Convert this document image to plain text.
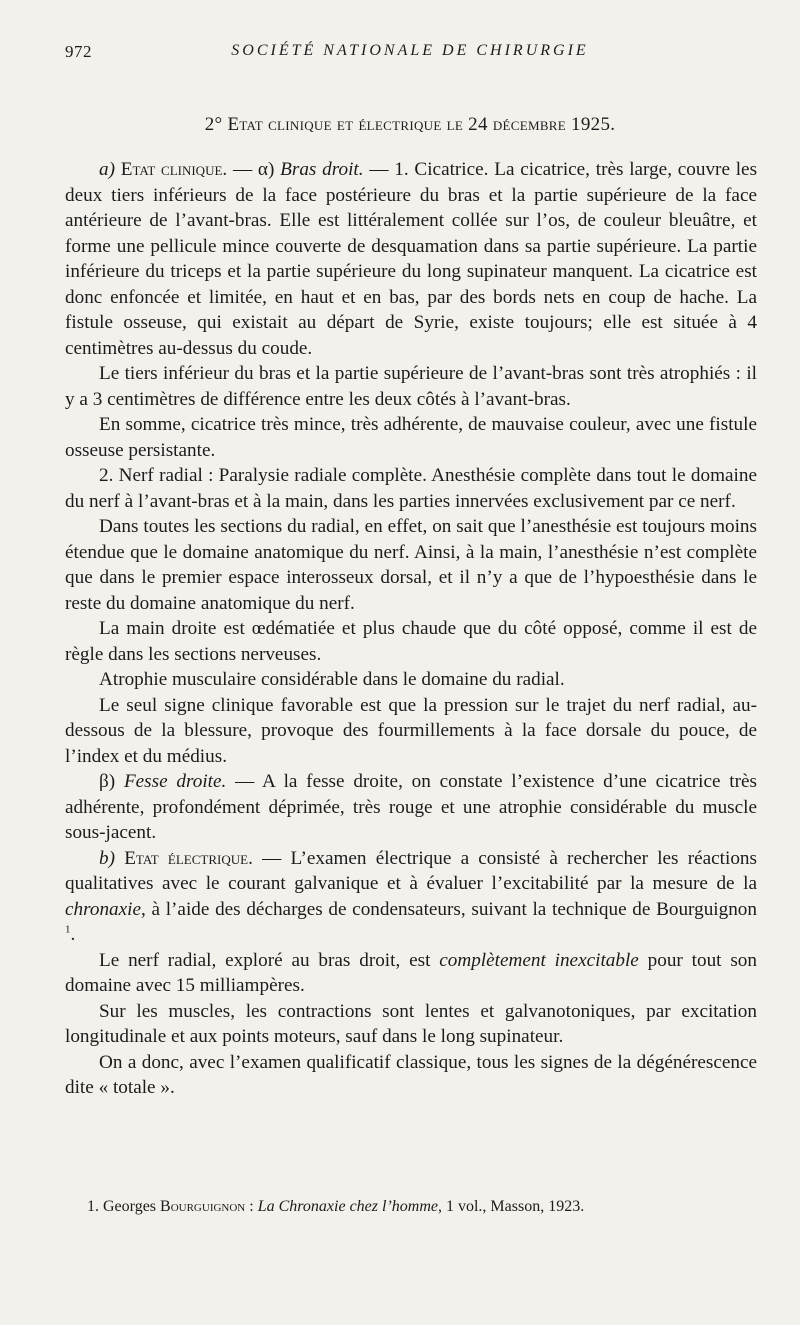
972	SOCIÉTÉ NATIONALE DE CHIRURGIE
2° Etat clinique et électrique le 24 décembre 1925.

a) Etat clinique. — α) Bras droit. — 1. Cicatrice. La cicatrice, très large, couvre les deux tiers inférieurs de la face postérieure du bras et la partie supérieure de la face antérieure de l’avant-bras. Elle est littéralement collée sur l’os, de couleur bleuâtre, et forme une pellicule mince couverte de desquamation dans sa partie supérieure. La partie inférieure du triceps et la partie supérieure du long supinateur manquent. La cicatrice est donc enfoncée et limitée, en haut et en bas, par des bords nets en coup de hache. La fistule osseuse, qui existait au départ de Syrie, existe toujours; elle est située à 4 centimètres au-dessus du coude.

Le tiers inférieur du bras et la partie supérieure de l’avant-bras sont très atrophiés : il y a 3 centimètres de différence entre les deux côtés à l’avant-bras.

En somme, cicatrice très mince, très adhérente, de mauvaise couleur, avec une fistule osseuse persistante.

2. Nerf radial : Paralysie radiale complète. Anesthésie complète dans tout le domaine du nerf à l’avant-bras et à la main, dans les parties innervées exclusivement par ce nerf.

Dans toutes les sections du radial, en effet, on sait que l’anesthésie est toujours moins étendue que le domaine anatomique du nerf. Ainsi, à la main, l’anesthésie n’est complète que dans le premier espace interosseux dorsal, et il n’y a que de l’hypoesthésie dans le reste du domaine anatomique du nerf.

La main droite est œdématiée et plus chaude que du côté opposé, comme il est de règle dans les sections nerveuses.

Atrophie musculaire considérable dans le domaine du radial.

Le seul signe clinique favorable est que la pression sur le trajet du nerf radial, au-dessous de la blessure, provoque des fourmillements à la face dorsale du pouce, de l’index et du médius.

β) Fesse droite. — A la fesse droite, on constate l’existence d’une cicatrice très adhérente, profondément déprimée, très rouge et une atrophie considérable du muscle sous-jacent.

b) Etat électrique. — L’examen électrique a consisté à rechercher les réactions qualitatives avec le courant galvanique et à évaluer l’excitabilité par la mesure de la chronaxie, à l’aide des décharges de condensateurs, suivant la technique de Bourguignon $^1$.

Le nerf radial, exploré au bras droit, est complètement inexcitable pour tout son domaine avec 15 milliampères.

Sur les muscles, les contractions sont lentes et galvanotoniques, par excitation longitudinale et aux points moteurs, sauf dans le long supinateur.

On a donc, avec l’examen qualificatif classique, tous les signes de la dégénérescence dite « totale ».

1. Georges Bourguignon : La Chronaxie chez l’homme, 1 vol., Masson, 1923.
